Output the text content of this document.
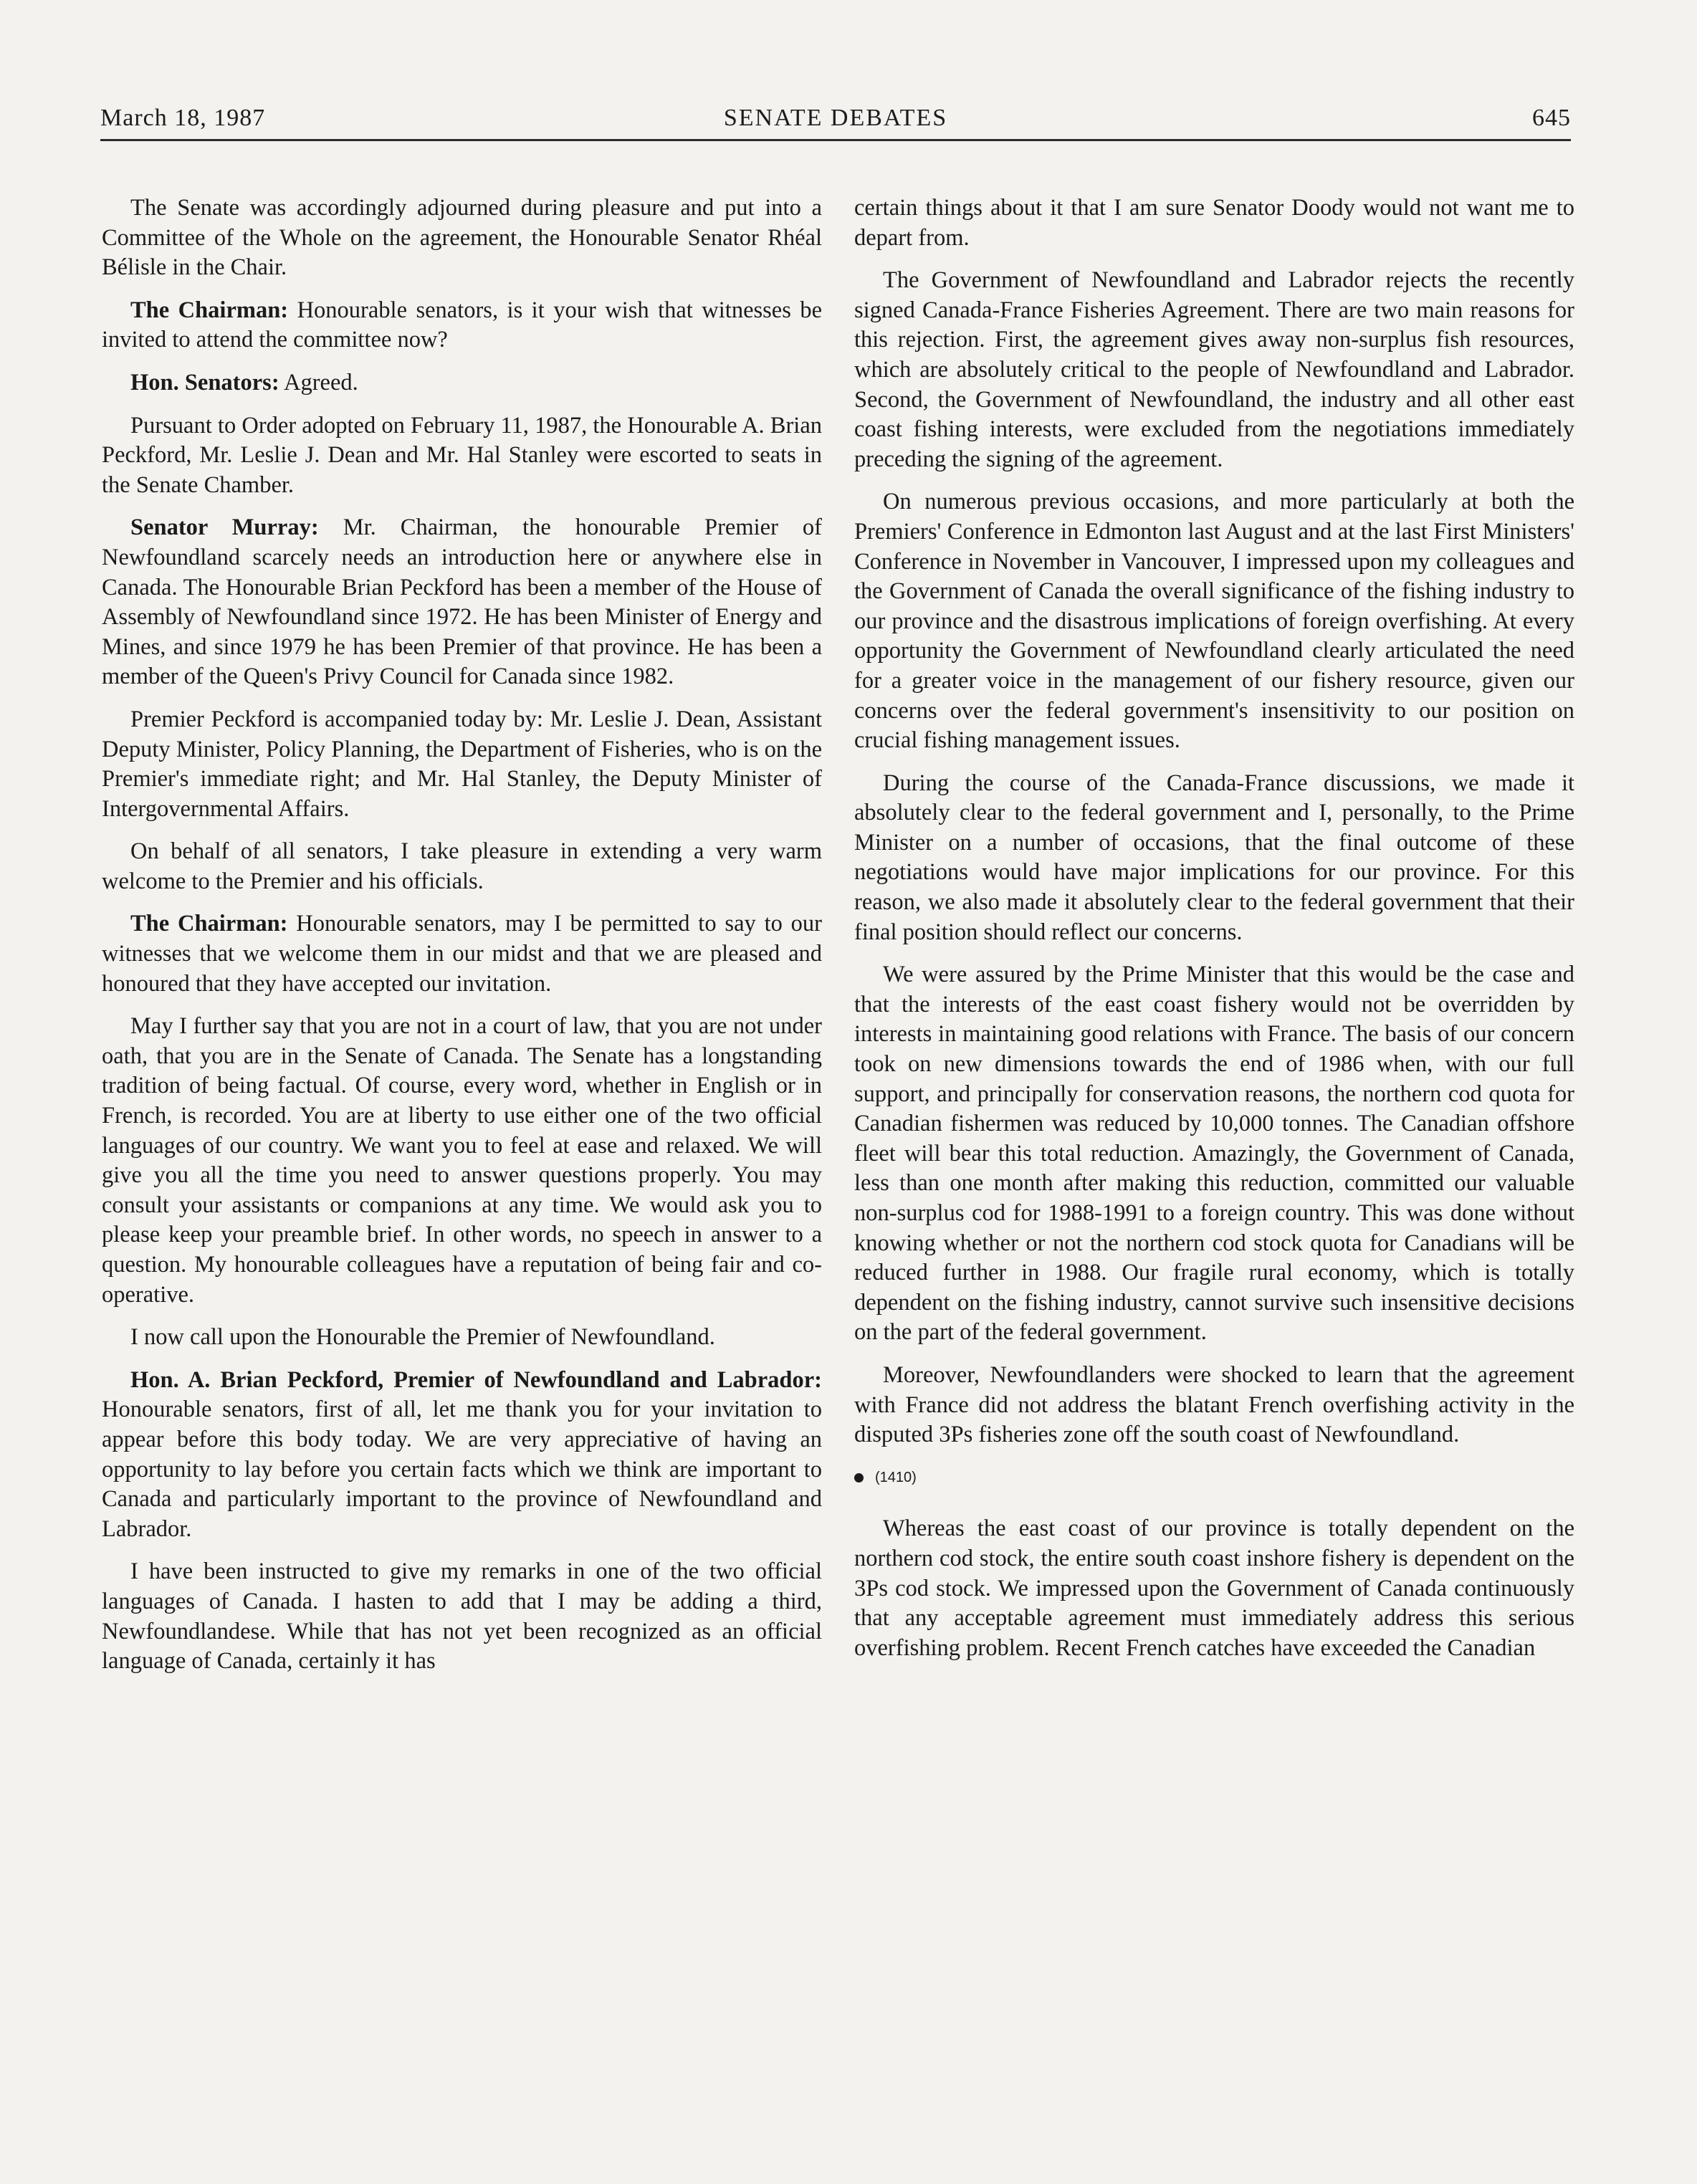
March 18, 1987	SENATE DEBATES	645

The Senate was accordingly adjourned during pleasure and put into a Committee of the Whole on the agreement, the Honourable Senator Rhéal Bélisle in the Chair.

The Chairman: Honourable senators, is it your wish that witnesses be invited to attend the committee now?

Hon. Senators: Agreed.

Pursuant to Order adopted on February 11, 1987, the Honourable A. Brian Peckford, Mr. Leslie J. Dean and Mr. Hal Stanley were escorted to seats in the Senate Chamber.

Senator Murray: Mr. Chairman, the honourable Premier of Newfoundland scarcely needs an introduction here or anywhere else in Canada. The Honourable Brian Peckford has been a member of the House of Assembly of Newfoundland since 1972. He has been Minister of Energy and Mines, and since 1979 he has been Premier of that province. He has been a member of the Queen's Privy Council for Canada since 1982.

Premier Peckford is accompanied today by: Mr. Leslie J. Dean, Assistant Deputy Minister, Policy Planning, the Department of Fisheries, who is on the Premier's immediate right; and Mr. Hal Stanley, the Deputy Minister of Intergovernmental Affairs.

On behalf of all senators, I take pleasure in extending a very warm welcome to the Premier and his officials.

The Chairman: Honourable senators, may I be permitted to say to our witnesses that we welcome them in our midst and that we are pleased and honoured that they have accepted our invitation.

May I further say that you are not in a court of law, that you are not under oath, that you are in the Senate of Canada. The Senate has a longstanding tradition of being factual. Of course, every word, whether in English or in French, is recorded. You are at liberty to use either one of the two official languages of our country. We want you to feel at ease and relaxed. We will give you all the time you need to answer questions properly. You may consult your assistants or companions at any time. We would ask you to please keep your preamble brief. In other words, no speech in answer to a question. My honourable colleagues have a reputation of being fair and co-operative.

I now call upon the Honourable the Premier of Newfoundland.

Hon. A. Brian Peckford, Premier of Newfoundland and Labrador: Honourable senators, first of all, let me thank you for your invitation to appear before this body today. We are very appreciative of having an opportunity to lay before you certain facts which we think are important to Canada and particularly important to the province of Newfoundland and Labrador.

I have been instructed to give my remarks in one of the two official languages of Canada. I hasten to add that I may be adding a third, Newfoundlandese. While that has not yet been recognized as an official language of Canada, certainly it has

certain things about it that I am sure Senator Doody would not want me to depart from.

The Government of Newfoundland and Labrador rejects the recently signed Canada-France Fisheries Agreement. There are two main reasons for this rejection. First, the agreement gives away non-surplus fish resources, which are absolutely critical to the people of Newfoundland and Labrador. Second, the Government of Newfoundland, the industry and all other east coast fishing interests, were excluded from the negotiations immediately preceding the signing of the agreement.

On numerous previous occasions, and more particularly at both the Premiers' Conference in Edmonton last August and at the last First Ministers' Conference in November in Vancouver, I impressed upon my colleagues and the Government of Canada the overall significance of the fishing industry to our province and the disastrous implications of foreign overfishing. At every opportunity the Government of Newfoundland clearly articulated the need for a greater voice in the management of our fishery resource, given our concerns over the federal government's insensitivity to our position on crucial fishing management issues.

During the course of the Canada-France discussions, we made it absolutely clear to the federal government and I, personally, to the Prime Minister on a number of occasions, that the final outcome of these negotiations would have major implications for our province. For this reason, we also made it absolutely clear to the federal government that their final position should reflect our concerns.

We were assured by the Prime Minister that this would be the case and that the interests of the east coast fishery would not be overridden by interests in maintaining good relations with France. The basis of our concern took on new dimensions towards the end of 1986 when, with our full support, and principally for conservation reasons, the northern cod quota for Canadian fishermen was reduced by 10,000 tonnes. The Canadian offshore fleet will bear this total reduction. Amazingly, the Government of Canada, less than one month after making this reduction, committed our valuable non-surplus cod for 1988-1991 to a foreign country. This was done without knowing whether or not the northern cod stock quota for Canadians will be reduced further in 1988. Our fragile rural economy, which is totally dependent on the fishing industry, cannot survive such insensitive decisions on the part of the federal government.

Moreover, Newfoundlanders were shocked to learn that the agreement with France did not address the blatant French overfishing activity in the disputed 3Ps fisheries zone off the south coast of Newfoundland.

(1410)

Whereas the east coast of our province is totally dependent on the northern cod stock, the entire south coast inshore fishery is dependent on the 3Ps cod stock. We impressed upon the Government of Canada continuously that any acceptable agreement must immediately address this serious overfishing problem. Recent French catches have exceeded the Canadian
